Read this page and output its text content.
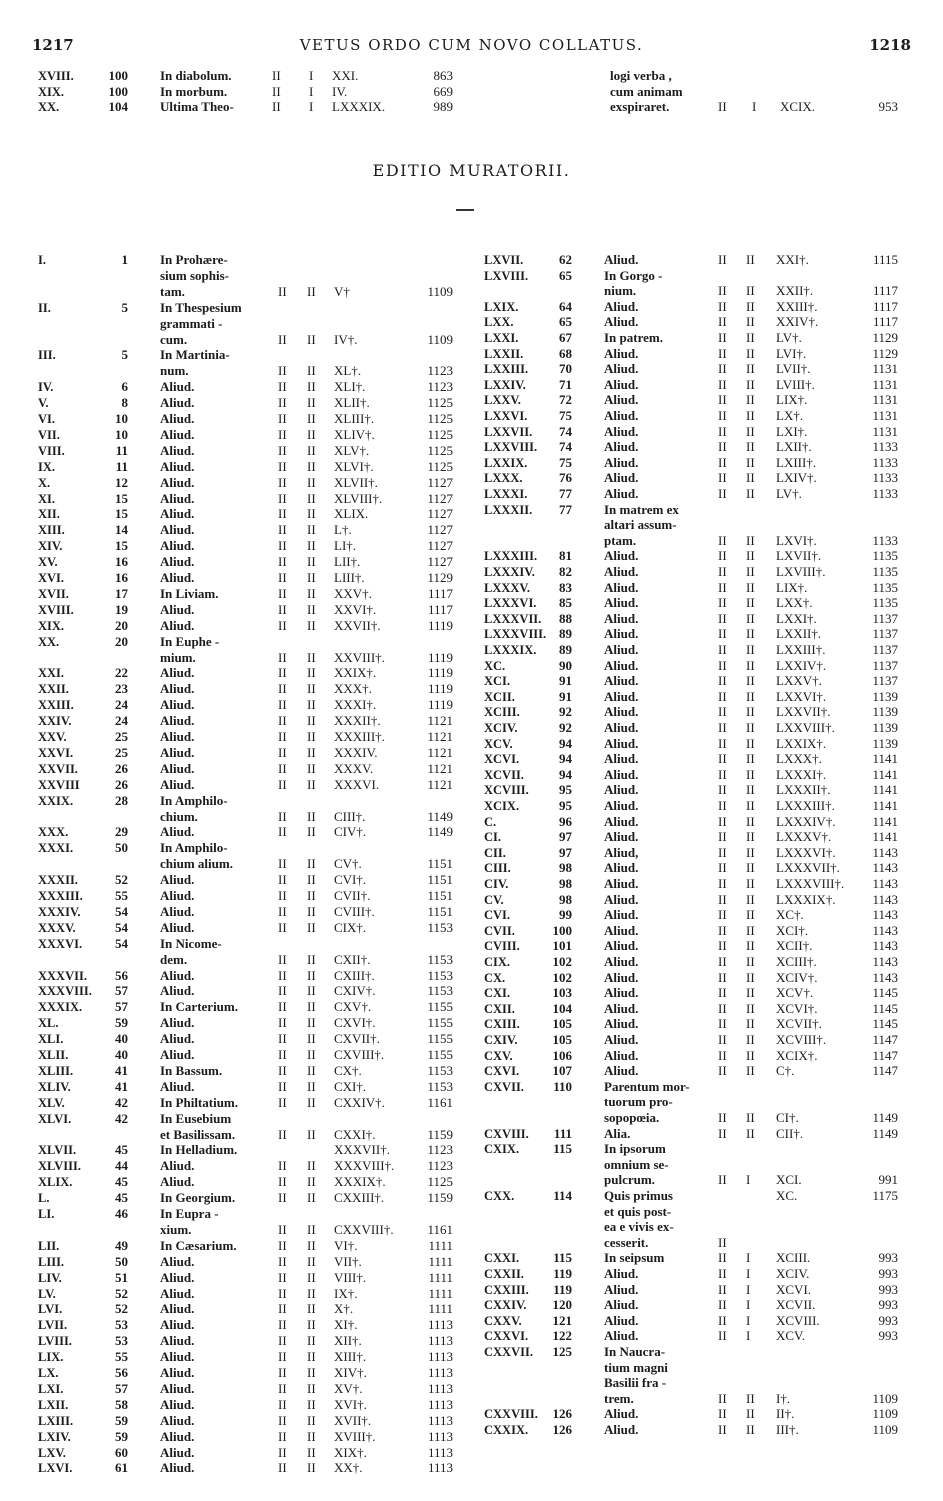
1217	VETUS ORDO CUM NOVO COLLATUS.	1218
XVIII.	100 In diabolum.	II I XXI.	863
XIX.	100 In morbum.	II I IV.	669
XX.	104 Ultima Theo-	II I LXXXIX.	989
logi verba ,
cum animam
exspiraret.	II I XCIX.	953
EDITIO MURATORII.
I.	1 In Prohære-
sium sophis-
tam.	II II V†	1109
II.	5 In Thespesium
grammati -
cum.	II II IV†.	1109
III.	5 In Martinia-
num.	II II XL†.	1123
IV.	6 Aliud.	II II XLI†.	1123
V.	8 Aliud.	II II XLII†.	1125
VI.	10 Aliud.	II II XLIII†.	1125
VII.	10 Aliud.	II II XLIV†.	1125
VIII.	11 Aliud.	II II XLV†.	1125
IX.	11 Aliud.	II II XLVI†.	1125
X.	12 Aliud.	II II XLVII†.	1127
XI.	15 Aliud.	II II XLVIII†.	1127
XII.	15 Aliud.	II II XLIX.	1127
XIII.	14 Aliud.	II II L†.	1127
XIV.	15 Aliud.	II II LI†.	1127
XV.	16 Aliud.	II II LII†.	1127
XVI.	16 Aliud.	II II LIII†.	1129
XVII.	17 In Liviam.	II II XXV†.	1117
XVIII.	19 Aliud.	II II XXVI†.	1117
XIX.	20 Aliud.	II II XXVII†.	1119
XX.	20 In Euphe -
mium.	II II XXVIII†.	1119
XXI.	22 Aliud.	II II XXIX†.	1119
XXII.	23 Aliud.	II II XXX†.	1119
XXIII.	24 Aliud.	II II XXXI†.	1119
XXIV.	24 Aliud.	II II XXXII†.	1121
XXV.	25 Aliud.	II II XXXIII†.	1121
XXVI.	25 Aliud.	II II XXXIV.	1121
XXVII.	26 Aliud.	II II XXXV.	1121
XXVIII	26 Aliud.	II II XXXVI.	1121
XXIX.	28 In Amphilo-
chium.	II II CIII†.	1149
XXX.	29 Aliud.	II II CIV†.	1149
XXXI.	50 In Amphilo-
chium alium.	II II CV†.	1151
XXXII.	52 Aliud.	II II CVI†.	1151
XXXIII.	55 Aliud.	II II CVII†.	1151
XXXIV.	54 Aliud.	II II CVIII†.	1151
XXXV.	54 Aliud.	II II CIX†.	1153
XXXVI.	54 In Nicome-
dem.	II II CXII†.	1153
XXXVII.	56 Aliud.	II II CXIII†.	1153
XXXVIII.	57 Aliud.	II II CXIV†.	1153
XXXIX.	57 In Carterium.	II II CXV†.	1155
XL.	59 Aliud.	II II CXVI†.	1155
XLI.	40 Aliud.	II II CXVII†.	1155
XLII.	40 Aliud.	II II CXVIII†.	1155
XLIII.	41 In Bassum.	II II CX†.	1153
XLIV.	41 Aliud.	II II CXI†.	1153
XLV.	42 In Philtatium.	II II CXXIV†.	1161
XLVI.	42 In Eusebium
et Basilissam.	II II CXXI†.	1159
XLVII.	45 In Helladium.	XXXVII†.	1123
XLVIII.	44 Aliud.	II II XXXVIII†.	1123
XLIX.	45 Aliud.	II II XXXIX†.	1125
L.	45 In Georgium.	II II CXXIII†.	1159
LI.	46 In Eupra -
xium.	II II CXXVIII†.	1161
LII.	49 In Cæsarium.	II II VI†.	1111
LIII.	50 Aliud.	II II VII†.	1111
LIV.	51 Aliud.	II II VIII†.	1111
LV.	52 Aliud.	II II IX†.	1111
LVI.	52 Aliud.	II II X†.	1111
LVII.	53 Aliud.	II II XI†.	1113
LVIII.	53 Aliud.	II II XII†.	1113
LIX.	55 Aliud.	II II XIII†.	1113
LX.	56 Aliud.	II II XIV†.	1113
LXI.	57 Aliud.	II II XV†.	1113
LXII.	58 Aliud.	II II XVI†.	1113
LXIII.	59 Aliud.	II II XVII†.	1113
LXIV.	59 Aliud.	II II XVIII†.	1113
LXV.	60 Aliud.	II II XIX†.	1113
LXVI.	61 Aliud.	II II XX†.	1113
LXVII.	62 Aliud.	II II XXI†.	1115
LXVIII.	65 In Gorgo -
nium.	II II XXII†.	1117
LXIX.	64 Aliud.	II II XXIII†.	1117
LXX.	65 Aliud.	II II XXIV†.	1117
LXXI.	67 In patrem.	II II LV†.	1129
LXXII.	68 Aliud.	II II LVI†.	1129
LXXIII.	70 Aliud.	II II LVII†.	1131
LXXIV.	71 Aliud.	II II LVIII†.	1131
LXXV.	72 Aliud.	II II LIX†.	1131
LXXVI.	75 Aliud.	II II LX†.	1131
LXXVII.	74 Aliud.	II II LXI†.	1131
LXXVIII.	74 Aliud.	II II LXII†.	1133
LXXIX.	75 Aliud.	II II LXIII†.	1133
LXXX.	76 Aliud.	II II LXIV†.	1133
LXXXI.	77 Aliud.	II II LV†.	1133
LXXXII.	77 In matrem ex
altari assum-
ptam.	II II LXVI†.	1133
LXXXIII.	81 Aliud.	II II LXVII†.	1135
LXXXIV.	82 Aliud.	II II LXVIII†.	1135
LXXXV.	83 Aliud.	II II LIX†.	1135
LXXXVI.	85 Aliud.	II II LXX†.	1135
LXXXVII.	88 Aliud.	II II LXXI†.	1137
LXXXVIII. 89 Aliud.	II II LXXII†.	1137
LXXXIX.	89 Aliud.	II II LXXIII†.	1137
XC.	90 Aliud.	II II LXXIV†.	1137
XCI.	91 Aliud.	II II LXXV†.	1137
XCII.	91 Aliud.	II II LXXVI†.	1139
XCIII.	92 Aliud.	II II LXXVII†.	1139
XCIV.	92 Aliud.	II II LXXVIII†.	1139
XCV.	94 Aliud.	II II LXXIX†.	1139
XCVI.	94 Aliud.	II II LXXX†.	1141
XCVII.	94 Aliud.	II II LXXXI†.	1141
XCVIII.	95 Aliud.	II II LXXXII†.	1141
XCIX.	95 Aliud.	II II LXXXIII†.	1141
C.	96 Aliud.	II II LXXXIV†.	1141
CI.	97 Aliud.	II II LXXXV†.	1141
CII.	97 Aliud,	II II LXXXVI†.	1143
CIII.	98 Aliud.	II II LXXXVII†.	1143
CIV.	98 Aliud.	II II LXXXVIII†.	1143
CV.	98 Aliud.	II II LXXXIX†.	1143
CVI.	99 Aliud.	II II XC†.	1143
CVII.	100 Aliud.	II II XCI†.	1143
CVIII.	101 Aliud.	II II XCII†.	1143
CIX.	102 Aliud.	II II XCIII†.	1143
CX.	102 Aliud.	II II XCIV†.	1143
CXI.	103 Aliud.	II II XCV†.	1145
CXII.	104 Aliud.	II II XCVI†.	1145
CXIII.	105 Aliud.	II II XCVII†.	1145
CXIV.	105 Aliud.	II II XCVIII†.	1147
CXV.	106 Aliud.	II II XCIX†.	1147
CXVI.	107 Aliud.	II II C†.	1147
CXVII.	110 Parentum mor-
tuorum pro-
sopopœia.	II II CI†.	1149
CXVIII.	111 Alia.	II II CII†.	1149
CXIX.	115 In ipsorum
omnium se-
pulcrum.	II I XCI.	991
CXX.	114 Quis primus	XC.	1175
et quis post-
ea e vivis ex-
cesserit.	II
CXXI.	115 In seipsum	II I XCIII.	993
CXXII.	119 Aliud.	II I XCIV.	993
CXXIII.	119 Aliud.	II I XCVI.	993
CXXIV.	120 Aliud.	II I XCVII.	993
CXXV.	121 Aliud.	II I XCVIII.	993
CXXVI.	122 Aliud.	II I XCV.	993
CXXVII.	125 In Naucra-
tium magni
Basilii fra -
trem.	II II I†.	1109
CXXVIII.	126 Aliud.	II II II†.	1109
CXXIX.	126 Aliud.	II II III†.	1109
